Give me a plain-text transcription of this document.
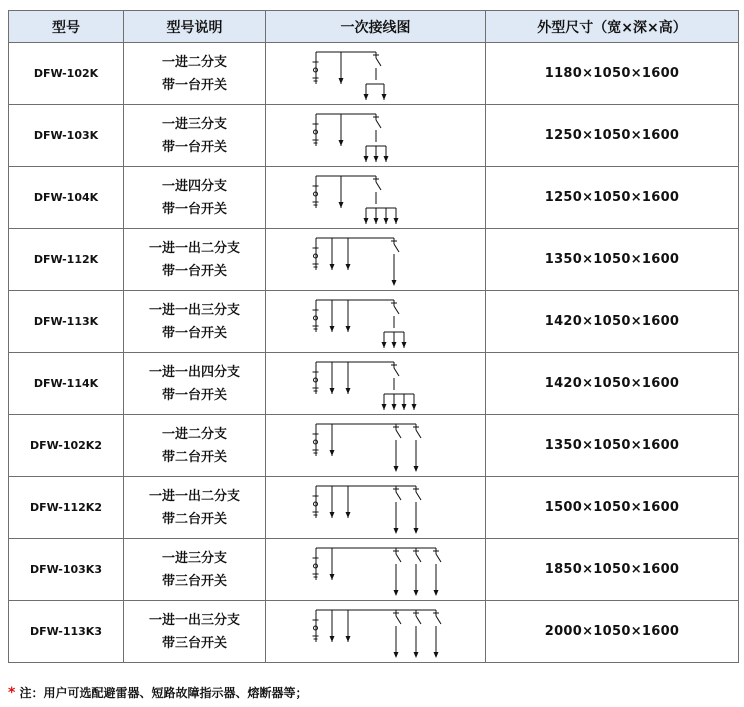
型号	型号说明	一次接线图	外型尺寸（宽×深×高）
DFW-102K	一进二分支
带一台开关		1180×1050×1600
DFW-103K	一进三分支
带一台开关		1250×1050×1600
DFW-104K	一进四分支
带一台开关		1250×1050×1600
DFW-112K	一进一出二分支
带一台开关		1350×1050×1600
DFW-113K	一进一出三分支
带一台开关		1420×1050×1600
DFW-114K	一进一出四分支
带一台开关		1420×1050×1600
DFW-102K2	一进二分支
带二台开关		1350×1050×1600
DFW-112K2	一进一出二分支
带二台开关		1500×1050×1600
DFW-103K3	一进三分支
带三台开关		1850×1050×1600
DFW-113K3	一进一出三分支
带三台开关		2000×1050×1600
* 注：用户可选配避雷器、短路故障指示器、熔断器等；
